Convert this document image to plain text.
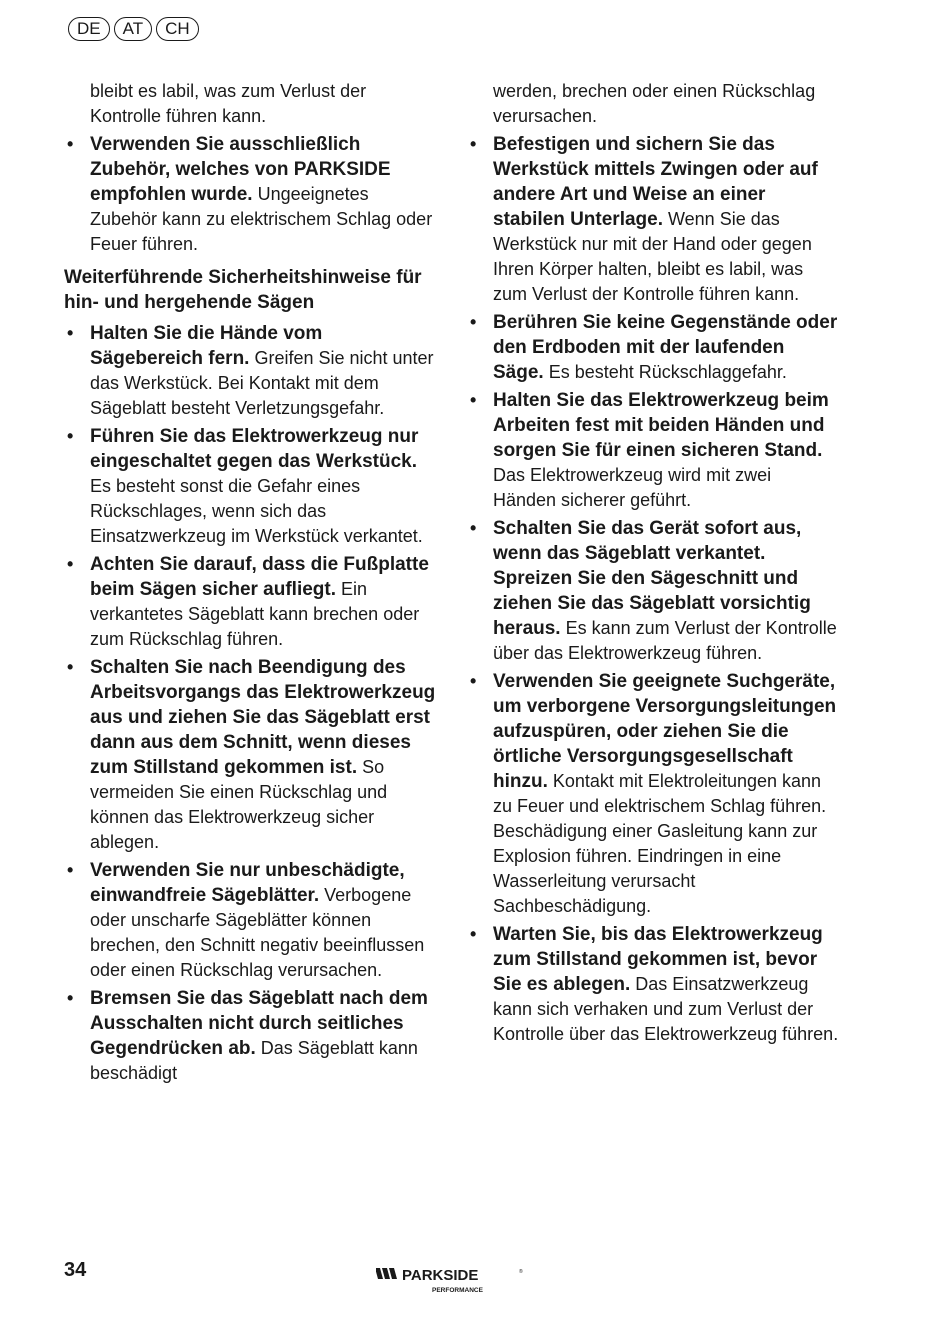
DE	AT	CH

bleibt es labil, was zum Verlust der Kontrolle führen kann.

• Verwenden Sie ausschließlich Zubehör, welches von PARKSIDE empfohlen wurde. Ungeeignetes Zubehör kann zu elektrischem Schlag oder Feuer führen.
Weiterführende Sicherheitshinweise für hin- und hergehende Sägen
• Halten Sie die Hände vom Sägebereich fern. Greifen Sie nicht unter das Werkstück. Bei Kontakt mit dem Sägeblatt besteht Verletzungsgefahr.
• Führen Sie das Elektrowerkzeug nur eingeschaltet gegen das Werkstück. Es besteht sonst die Gefahr eines Rückschlages, wenn sich das Einsatzwerkzeug im Werkstück verkantet.
• Achten Sie darauf, dass die Fußplatte beim Sägen sicher aufliegt. Ein verkantetes Sägeblatt kann brechen oder zum Rückschlag führen.
• Schalten Sie nach Beendigung des Arbeitsvorgangs das Elektrowerkzeug aus und ziehen Sie das Sägeblatt erst dann aus dem Schnitt, wenn dieses zum Stillstand gekommen ist. So vermeiden Sie einen Rückschlag und können das Elektrowerkzeug sicher ablegen.
• Verwenden Sie nur unbeschädigte, einwandfreie Sägeblätter. Verbogene oder unscharfe Sägeblätter können brechen, den Schnitt negativ beeinflussen oder einen Rückschlag verursachen.
• Bremsen Sie das Sägeblatt nach dem Ausschalten nicht durch seitliches Gegendrücken ab. Das Sägeblatt kann beschädigt

werden, brechen oder einen Rückschlag verursachen.

• Befestigen und sichern Sie das Werkstück mittels Zwingen oder auf andere Art und Weise an einer stabilen Unterlage. Wenn Sie das Werkstück nur mit der Hand oder gegen Ihren Körper halten, bleibt es labil, was zum Verlust der Kontrolle führen kann.
• Berühren Sie keine Gegenstände oder den Erdboden mit der laufenden Säge. Es besteht Rückschlaggefahr.
• Halten Sie das Elektrowerkzeug beim Arbeiten fest mit beiden Händen und sorgen Sie für einen sicheren Stand. Das Elektrowerkzeug wird mit zwei Händen sicherer geführt.
• Schalten Sie das Gerät sofort aus, wenn das Sägeblatt verkantet. Spreizen Sie den Sägeschnitt und ziehen Sie das Sägeblatt vorsichtig heraus. Es kann zum Verlust der Kontrolle über das Elektrowerkzeug führen.
• Verwenden Sie geeignete Suchgeräte, um verborgene Versorgungsleitungen aufzuspüren, oder ziehen Sie die örtliche Versorgungsgesellschaft hinzu. Kontakt mit Elektroleitungen kann zu Feuer und elektrischem Schlag führen. Beschädigung einer Gasleitung kann zur Explosion führen. Eindringen in eine Wasserleitung verursacht Sachbeschädigung.
• Warten Sie, bis das Elektrowerkzeug zum Stillstand gekommen ist, bevor Sie es ablegen. Das Einsatzwerkzeug kann sich verhaken und zum Verlust der Kontrolle über das Elektrowerkzeug führen.
34	PARKSIDE	®
PERFORMANCE
